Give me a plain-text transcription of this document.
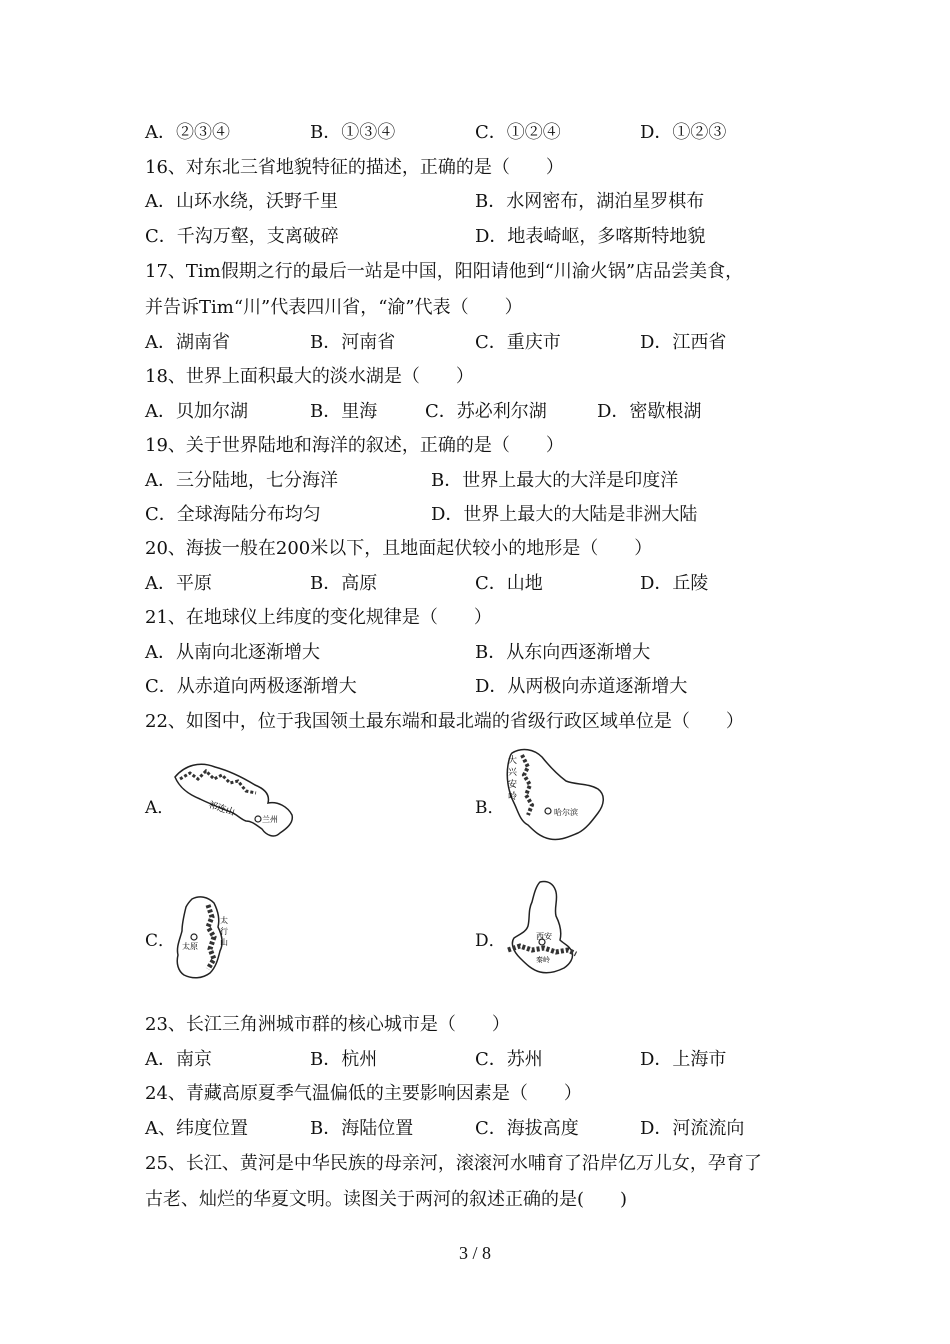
A．②③④	B．①③④	C．①②④	D．①②③
16、对东北三省地貌特征的描述，正确的是（　　）
A．山环水绕，沃野千里	B．水网密布，湖泊星罗棋布
C．千沟万壑，支离破碎	D．地表崎岖，多喀斯特地貌
17、Tim假期之行的最后一站是中国，阳阳请他到“川渝火锅”店品尝美食，
并告诉Tim“川”代表四川省，“渝”代表（　　）
A．湖南省	B．河南省	C．重庆市	D．江西省
18、世界上面积最大的淡水湖是（　　）
A．贝加尔湖	B．里海	C．苏必利尔湖	D．密歇根湖
19、关于世界陆地和海洋的叙述，正确的是（　　）
A．三分陆地，七分海洋	B．世界上最大的大洋是印度洋
C．全球海陆分布均匀	D．世界上最大的大陆是非洲大陆
20、海拔一般在200米以下，且地面起伏较小的地形是（　　）
A．平原	B．高原	C．山地	D．丘陵
21、在地球仪上纬度的变化规律是（　　）
A．从南向北逐渐增大	B．从东向西逐渐增大
C．从赤道向两极逐渐增大	D．从两极向赤道逐渐增大
22、如图中，位于我国领土最东端和最北端的省级行政区域单位是（　　）
A．	B．
C．	D．
祁连山
兰州
大
兴
安
岭
哈尔滨
太原
太
行
山
西安
秦岭
23、长江三角洲城市群的核心城市是（　　）
A．南京	B．杭州	C．苏州	D．上海市
24、青藏高原夏季气温偏低的主要影响因素是（　　）
A、纬度位置	B．海陆位置	C．海拔高度	D．河流流向
25、长江、黄河是中华民族的母亲河，滚滚河水哺育了沿岸亿万儿女，孕育了
古老、灿烂的华夏文明。读图关于两河的叙述正确的是(　　)
3 / 8
